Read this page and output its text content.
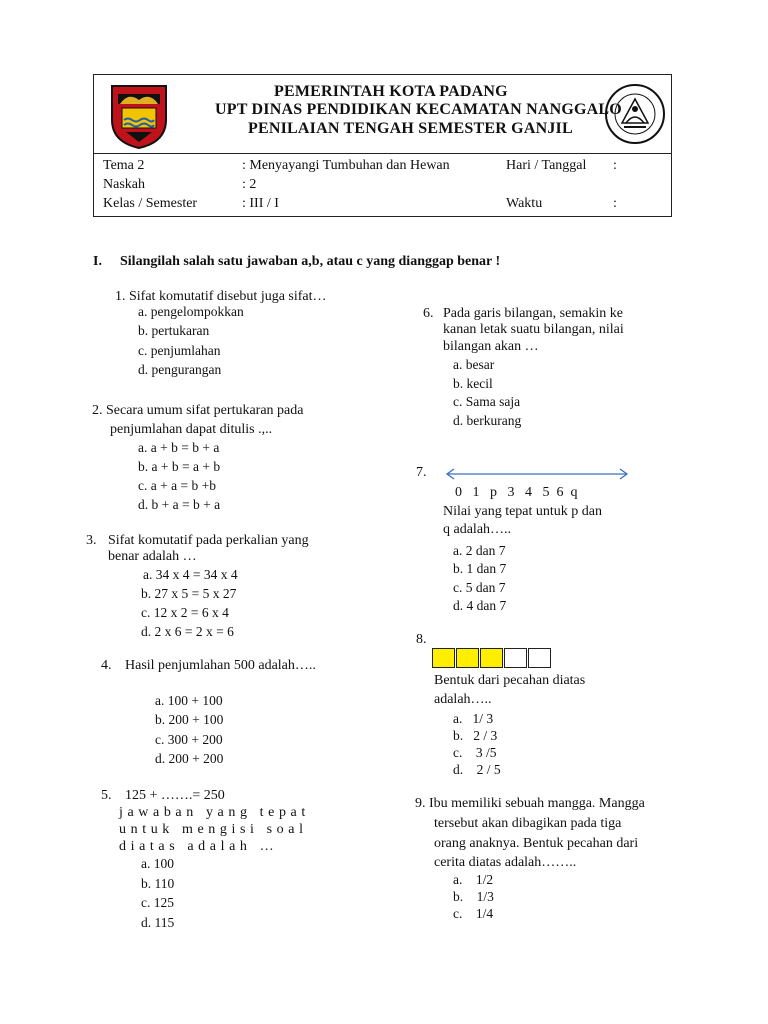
PEMERINTAH KOTA PADANG
UPT DINAS PENDIDIKAN KECAMATAN NANGGALO
PENILAIAN TENGAH SEMESTER GANJIL
Tema 2	: Menyayangi Tumbuhan dan Hewan	Hari / Tanggal :
Naskah	: 2
Kelas / Semester	: III / I	Waktu	:
I. Silangilah salah satu jawaban a,b, atau c yang dianggap benar !
1. Sifat komutatif disebut juga sifat…
a. pengelompokkan
b. pertukaran
c. penjumlahan
d. pengurangan
2. Secara umum sifat pertukaran pada
penjumlahan dapat ditulis .,..
a. a + b = b + a
b. a + b = a + b
c. a + a = b +b
d. b + a = b + a
3. Sifat komutatif pada perkalian yang
benar adalah …
a. 34 x 4 = 34 x 4
b. 27 x 5 = 5 x 27
c. 12 x 2 = 6 x 4
d. 2 x 6 = 2 x = 6
4. Hasil penjumlahan 500 adalah…..
a. 100 + 100
b. 200 + 100
c. 300 + 200
d. 200 + 200
5. 125 + …….= 250
jawaban yang tepat
untuk mengisi soal
diatas adalah …
a. 100
b. 110
c. 125
d. 115
6. Pada garis bilangan, semakin ke
kanan letak suatu bilangan, nilai
bilangan akan …
a. besar
b. kecil
c. Sama saja
d. berkurang
7.
0   1   p   3   4   5  6  q
Nilai yang tepat untuk p dan
q adalah…..
a. 2 dan 7
b. 1 dan 7
c. 5 dan 7
d. 4 dan 7
8.
Bentuk dari pecahan diatas
adalah…..
a.   1/ 3
b.   2 / 3
c.    3 /5
d.    2 / 5
9. Ibu memiliki sebuah mangga. Mangga
tersebut akan dibagikan pada tiga
orang anaknya. Bentuk pecahan dari
cerita diatas adalah……..
a.    1/2
b.    1/3
c.    1/4
